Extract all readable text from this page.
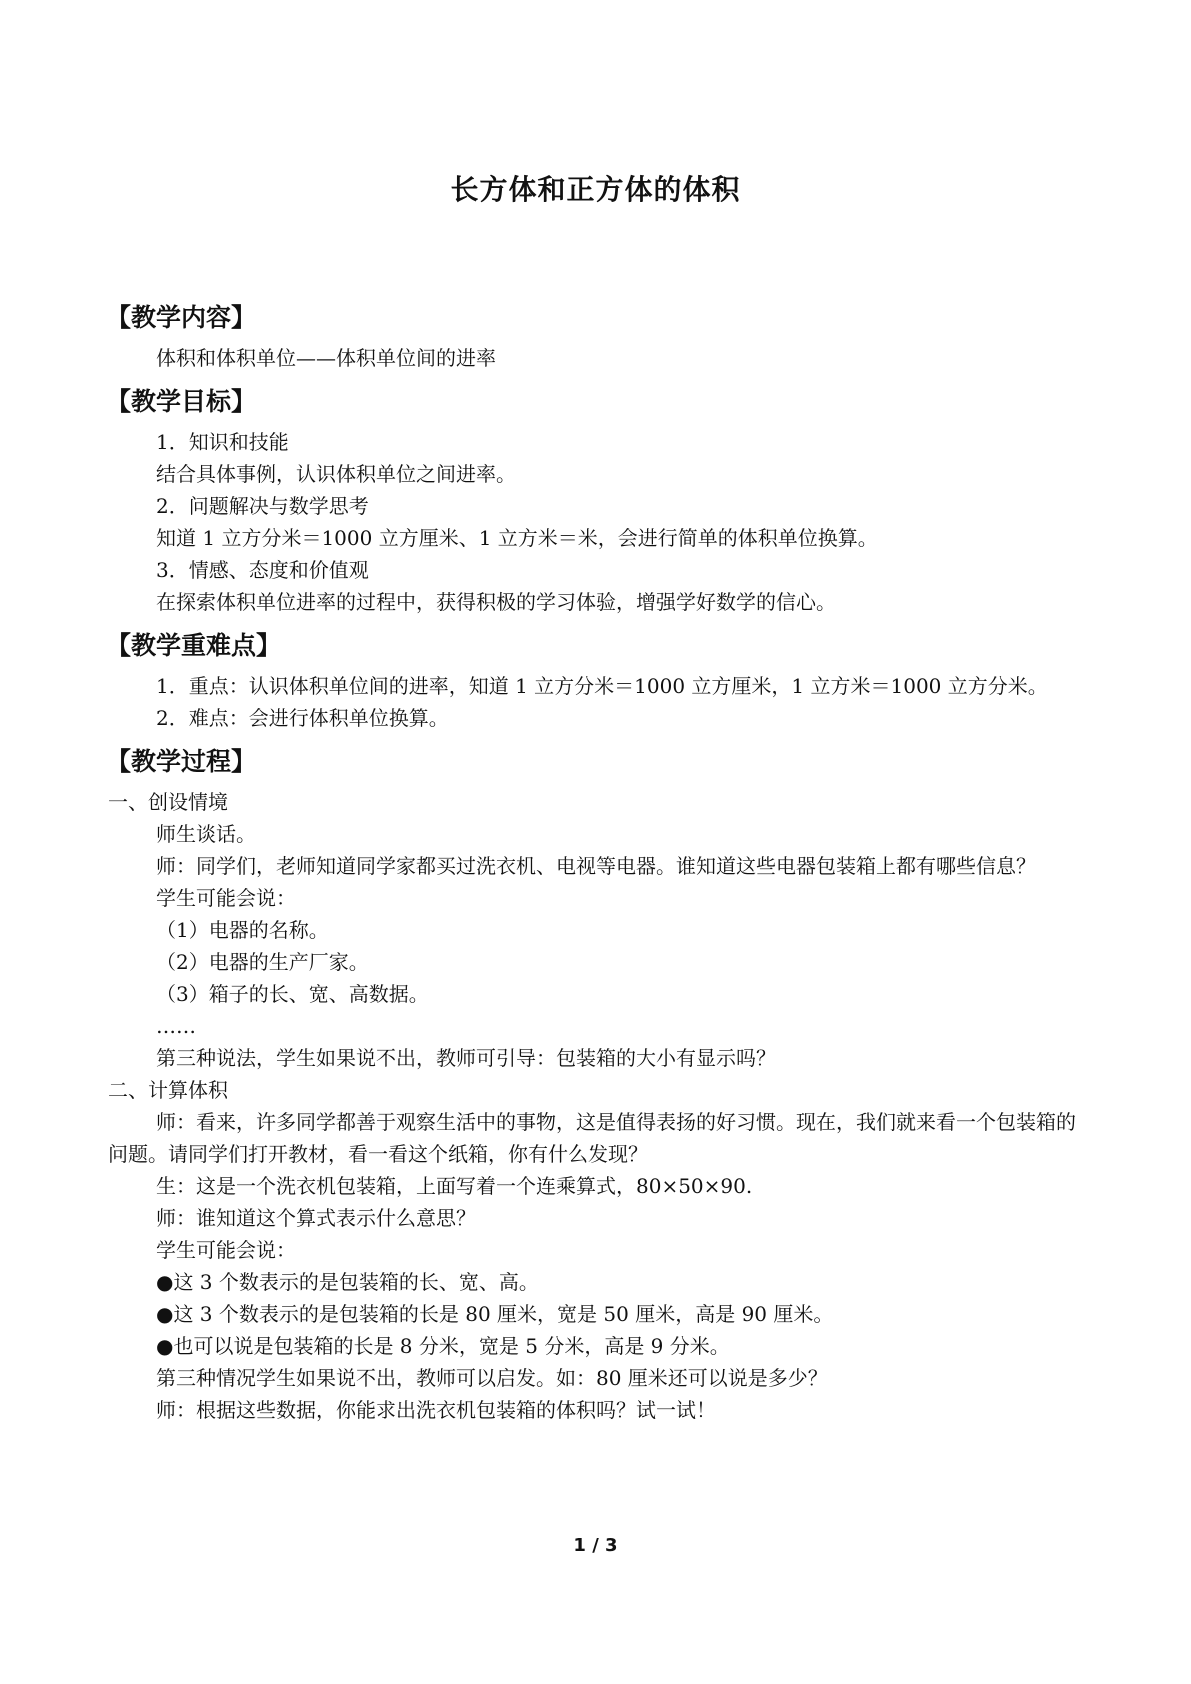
长方体和正方体的体积

【教学内容】

体积和体积单位——体积单位间的进率

【教学目标】

1．知识和技能

结合具体事例，认识体积单位之间进率。

2．问题解决与数学思考

知道 1 立方分米＝1000 立方厘米、1 立方米＝米，会进行简单的体积单位换算。

3．情感、态度和价值观

在探索体积单位进率的过程中，获得积极的学习体验，增强学好数学的信心。

【教学重难点】

1．重点：认识体积单位间的进率，知道 1 立方分米＝1000 立方厘米，1 立方米＝1000 立方分米。

2．难点：会进行体积单位换算。

【教学过程】

一、创设情境

师生谈话。

师：同学们，老师知道同学家都买过洗衣机、电视等电器。谁知道这些电器包装箱上都有哪些信息？

学生可能会说：

（1）电器的名称。

（2）电器的生产厂家。

（3）箱子的长、宽、高数据。

……

第三种说法，学生如果说不出，教师可引导：包装箱的大小有显示吗？

二、计算体积

师：看来，许多同学都善于观察生活中的事物，这是值得表扬的好习惯。现在，我们就来看一个包装箱的问题。请同学们打开教材，看一看这个纸箱，你有什么发现？

生：这是一个洗衣机包装箱，上面写着一个连乘算式，80×50×90.

师：谁知道这个算式表示什么意思？

学生可能会说：

●这 3 个数表示的是包装箱的长、宽、高。

●这 3 个数表示的是包装箱的长是 80 厘米，宽是 50 厘米，高是 90 厘米。

●也可以说是包装箱的长是 8 分米，宽是 5 分米，高是 9 分米。

第三种情况学生如果说不出，教师可以启发。如：80 厘米还可以说是多少？

师：根据这些数据，你能求出洗衣机包装箱的体积吗？试一试！

1 / 3
